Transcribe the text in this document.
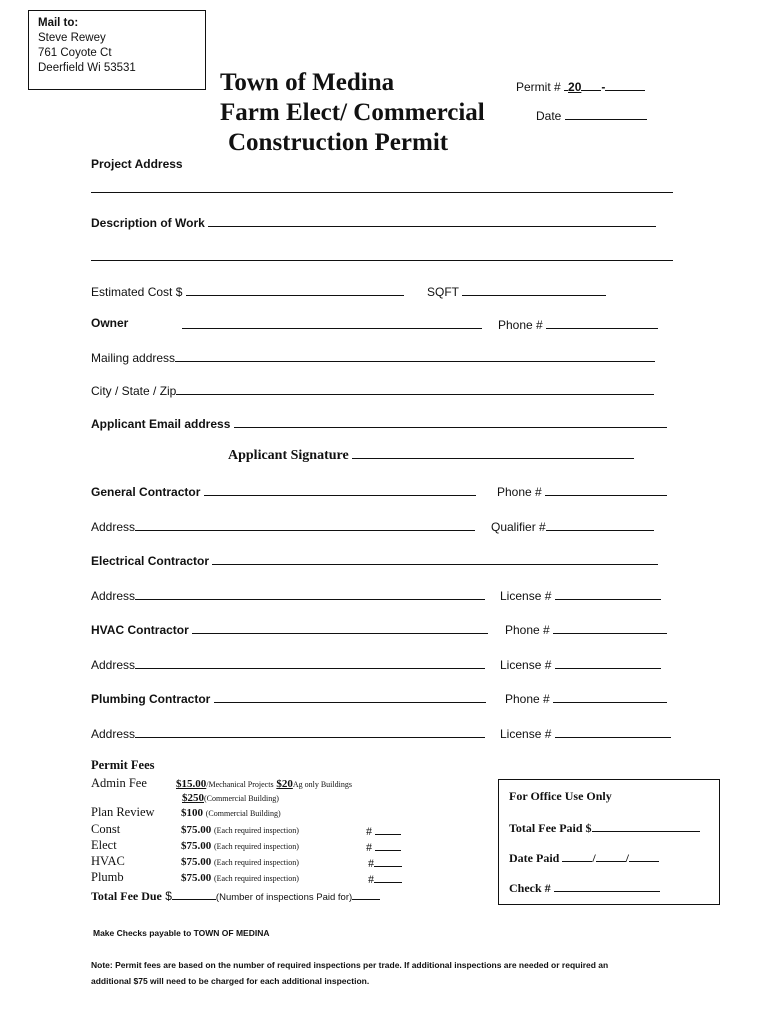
Mail to:
Steve Rewey
761 Coyote Ct
Deerfield Wi 53531
Town of Medina
Farm Elect/ Commercial
Construction Permit
Permit # 20 -
Date
Project Address
Description of Work
Estimated Cost $	SQFT
Owner	Phone #
Mailing address
City / State / Zip
Applicant Email address
Applicant Signature
General Contractor	Phone #
Address	Qualifier #
Electrical Contractor
Address	License #
HVAC Contractor	Phone #
Address	License #
Plumbing Contractor	Phone #
Address	License #
Permit Fees
Admin Fee	$15.00/Mechanical Projects $20Ag only Buildings
$250(Commercial Building)
Plan Review $100 (Commercial Building)
Const	$75.00 (Each required inspection)	#
Elect	$75.00 (Each required inspection)	#
HVAC	$75.00 (Each required inspection)	#
Plumb	$75.00 (Each required inspection)	#
Total Fee Due $	(Number of inspections Paid for)
For Office Use Only
Total Fee Paid $
Date Paid	/	/
Check #
Make Checks payable to TOWN OF MEDINA
Note: Permit fees are based on the number of required inspections per trade. If additional inspections are needed or required an
additional $75 will need to be charged for each additional inspection.
